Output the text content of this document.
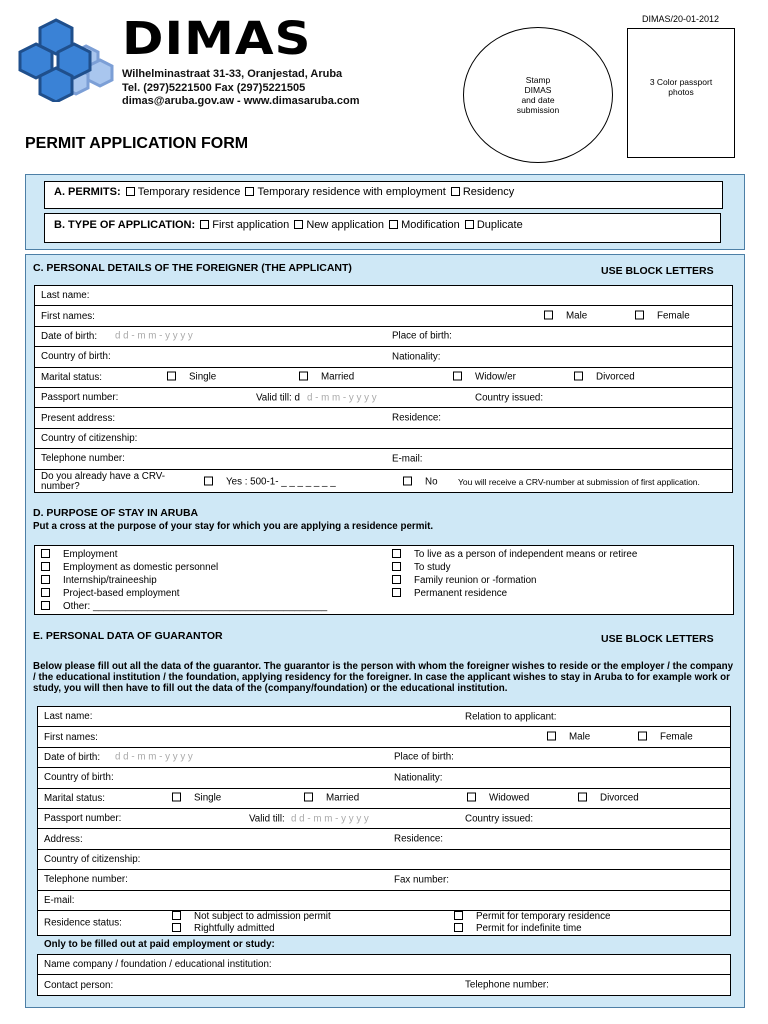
DIMAS/20-01-2012
DIMAS
Wilhelminastraat 31-33, Oranjestad, Aruba
Tel. (297)5221500 Fax (297)5221505
dimas@aruba.gov.aw - www.dimasaruba.com
Stamp
DIMAS
and date
submission
3 Color passport
photos
PERMIT APPLICATION FORM
A. PERMITS: Temporary residence Temporary residence with employment Residency
B. TYPE OF APPLICATION: First application New application Modification Duplicate
C. PERSONAL DETAILS OF THE FOREIGNER (THE APPLICANT)	USE BLOCK LETTERS
Last name:
First names:	Male	Female

Date of birth: d d - m m - y y y y	Place of birth:

Country of birth:	Nationality:

Marital status:	Single	Married	Widow/er	Divorced

Passport number:	Valid till: d d - m m - y y y y	Country issued:

Present address:	Residence:

Country of citizenship:
Telephone number:	E-mail:

Do you already have a CRV-
number?	Yes : 500-1- _ _ _ _ _ _ _	No You will receive a CRV-number at submission of first application.
D. PURPOSE OF STAY IN ARUBA
Put a cross at the purpose of your stay for which you are applying a residence permit.
Employment
Employment as domestic personnel
Internship/traineeship
Project-based employment
Other: ___________________________________________
To live as a person of independent means or retiree
To study
Family reunion or -formation
Permanent residence
E. PERSONAL DATA OF GUARANTOR	USE BLOCK LETTERS
Below please fill out all the data of the guarantor. The guarantor is the person with whom the foreigner wishes to reside or the employer / the company / the educational institution / the foundation, applying residency for the foreigner. In case the applicant wishes to stay in Aruba to for example work or study, you will then have to fill out the data of the (company/foundation) or the educational institution.
Last name:	Relation to applicant:

First names:	Male	Female

Date of birth: d d - m m - y y y y	Place of birth:

Country of birth:	Nationality:

Marital status:	Single	Married	Widowed	Divorced

Passport number:	Valid till: d d - m m - y y y y	Country issued:

Address:	Residence:

Country of citizenship:
Telephone number:	Fax number:

E-mail:

Residence status:
Not subject to admission permit
Rightfully admitted
Permit for temporary residence
Permit for indefinite time
Only to be filled out at paid employment or study:
Name company / foundation / educational institution:
Contact person:	Telephone number:
